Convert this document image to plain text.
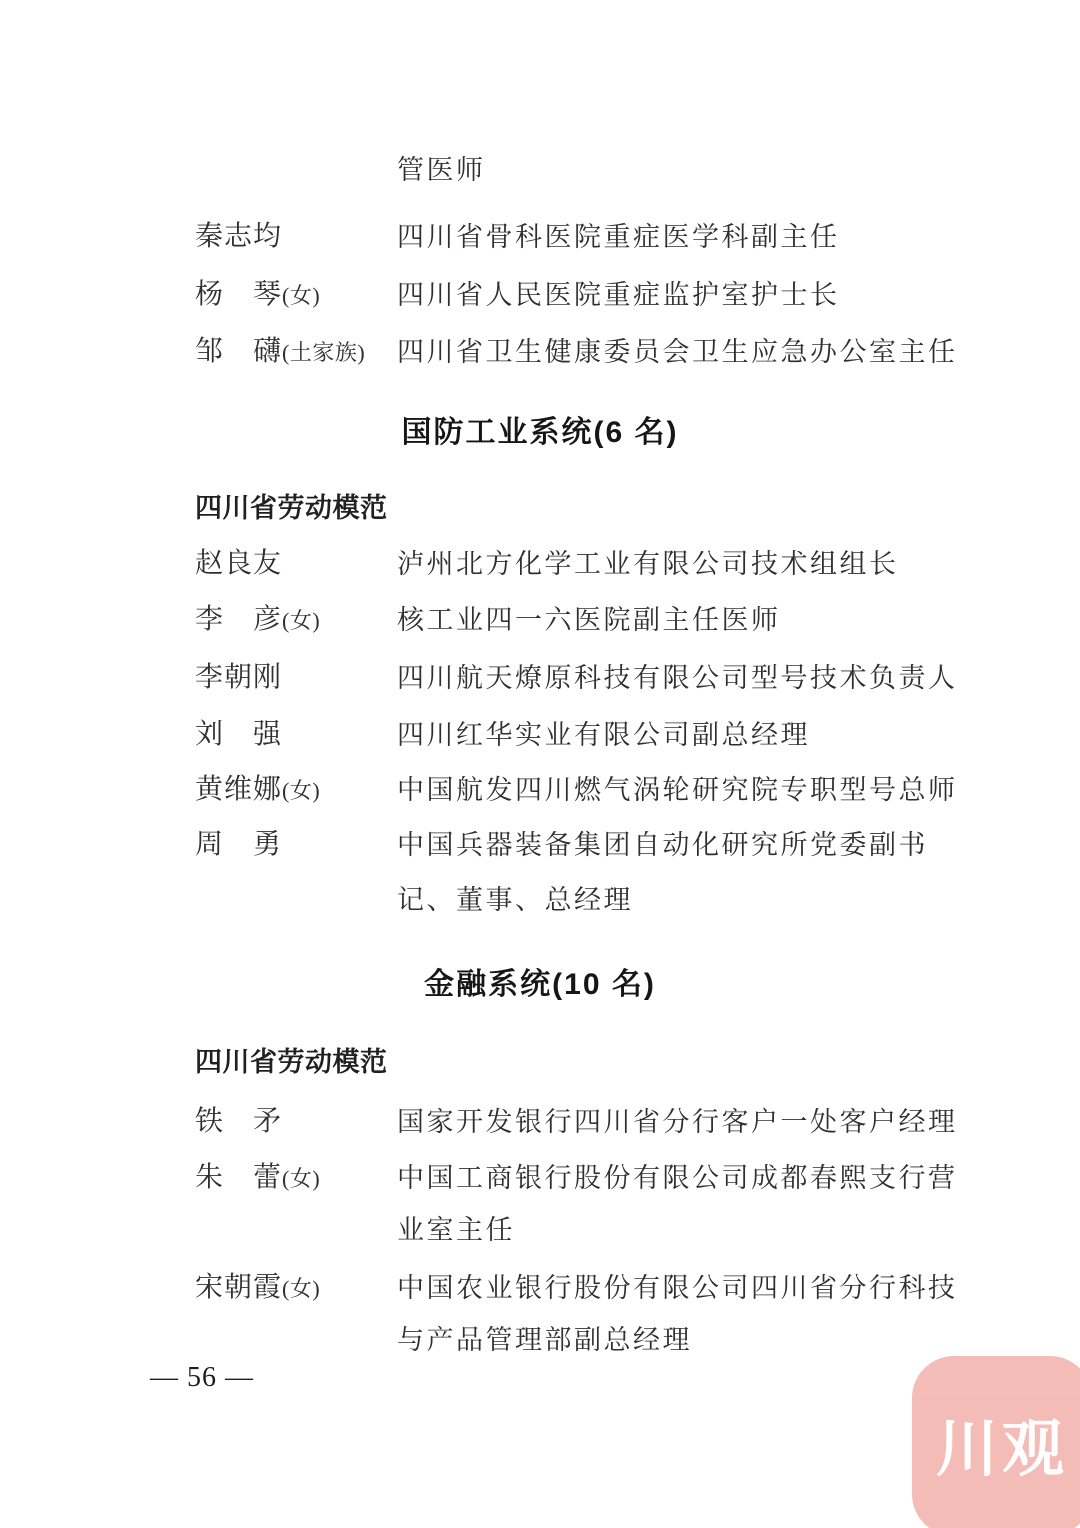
管医师
秦志均	四川省骨科医院重症医学科副主任
杨　琴(女)	四川省人民医院重症监护室护士长
邹　礴(土家族) 四川省卫生健康委员会卫生应急办公室主任
国防工业系统(6 名)
四川省劳动模范
赵良友	泸州北方化学工业有限公司技术组组长
李　彦(女)	核工业四一六医院副主任医师
李朝刚	四川航天燎原科技有限公司型号技术负责人
刘　强	四川红华实业有限公司副总经理
黄维娜(女)	中国航发四川燃气涡轮研究院专职型号总师
周　勇	中国兵器装备集团自动化研究所党委副书
记、董事、总经理
金融系统(10 名)
四川省劳动模范
铁　矛	国家开发银行四川省分行客户一处客户经理
朱　蕾(女)	中国工商银行股份有限公司成都春熙支行营
业室主任
宋朝霞(女)	中国农业银行股份有限公司四川省分行科技
与产品管理部副总经理
— 56 —
川观
